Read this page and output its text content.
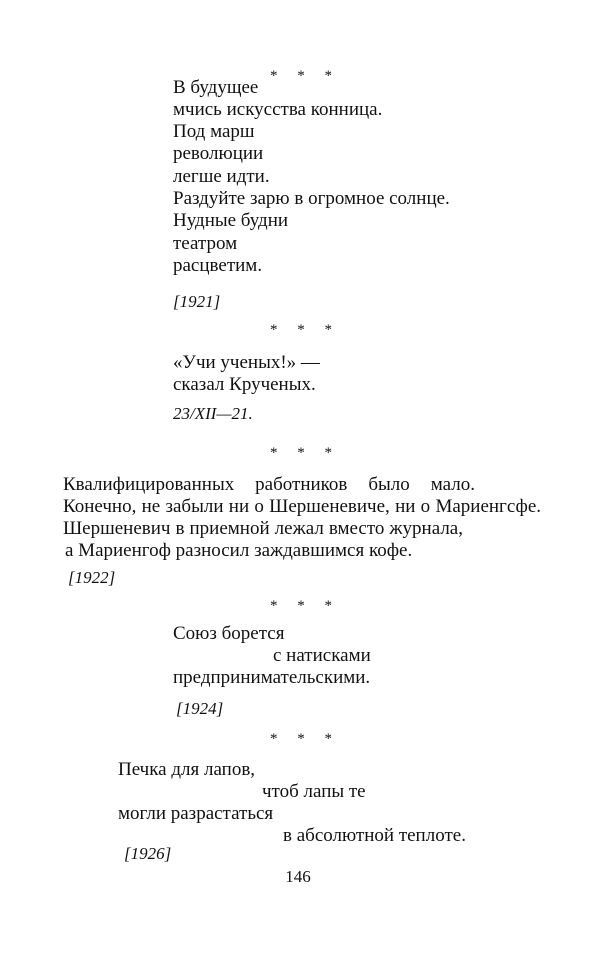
* * *
В будущее
мчись искусства конница.
Под марш
революции
легше идти.
Раздуйте зарю в огромное солнце.
Нудные будни
театром
расцветим.
[1921]
* * *
«Учи ученых!» —
сказал Крученых.
23/XII—21.
* * *
Квалифицированных работников было мало.
Конечно, не забыли ни о Шершеневиче, ни о Мариенгсфе.
Шершеневич в приемной лежал вместо журнала,
а Мариенгоф разносил заждавшимся кофе.
[1922]
* * *
Союз борется
с натисками
предпринимательскими.
[1924]
* * *
Печка для лапов,
чтоб лапы те
могли разрастаться
в абсолютной теплоте.
[1926]
146
